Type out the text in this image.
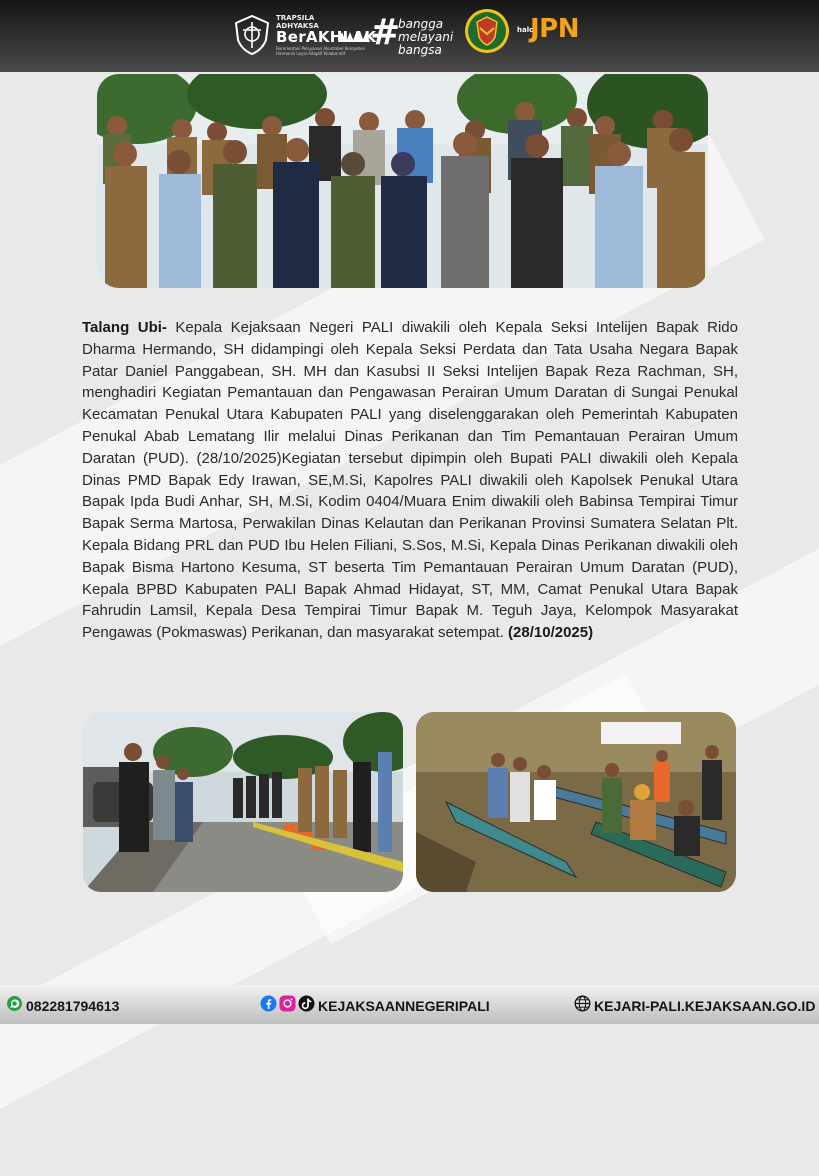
TRAPSILA
ADHYAKSA
BerAKHLAK
Berorientasi Pelayanan Akuntabel Kompeten Harmonis Loyal Adaptif Kolaboratif
#
bangga
melayani
bangsa
halo
JPN
Talang Ubi- Kepala Kejaksaan Negeri PALI diwakili oleh Kepala Seksi Intelijen Bapak Rido Dharma Hermando, SH didampingi oleh Kepala Seksi Perdata dan Tata Usaha Negara Bapak Patar Daniel Panggabean, SH. MH dan Kasubsi II Seksi Intelijen Bapak Reza Rachman, SH, menghadiri Kegiatan Pemantauan dan Pengawasan Perairan Umum Daratan di Sungai Penukal Kecamatan Penukal Utara Kabupaten PALI yang diselenggarakan oleh Pemerintah Kabupaten Penukal Abab Lematang Ilir melalui Dinas Perikanan dan Tim Pemantauan Perairan Umum Daratan (PUD). (28/10/2025)Kegiatan tersebut dipimpin oleh Bupati PALI diwakili oleh Kepala Dinas PMD Bapak Edy Irawan, SE,M.Si, Kapolres PALI diwakili oleh Kapolsek Penukal Utara Bapak Ipda Budi Anhar, SH, M.Si, Kodim 0404/Muara Enim diwakili oleh Babinsa Tempirai Timur Bapak Serma Martosa, Perwakilan Dinas Kelautan dan Perikanan Provinsi Sumatera Selatan Plt. Kepala Bidang PRL dan PUD Ibu Helen Filiani, S.Sos, M.Si, Kepala Dinas Perikanan diwakili oleh Bapak Bisma Hartono Kesuma, ST beserta Tim Pemantauan Perairan Umum Daratan (PUD), Kepala BPBD Kabupaten PALI Bapak Ahmad Hidayat, ST, MM, Camat Penukal Utara Bapak Fahrudin Lamsil, Kepala Desa Tempirai Timur Bapak M. Teguh Jaya, Kelompok Masyarakat Pengawas (Pokmaswas) Perikanan, dan masyarakat setempat. (28/10/2025)
082281794613	KEJAKSAANNEGERIPALI	KEJARI-PALI.KEJAKSAAN.GO.ID
